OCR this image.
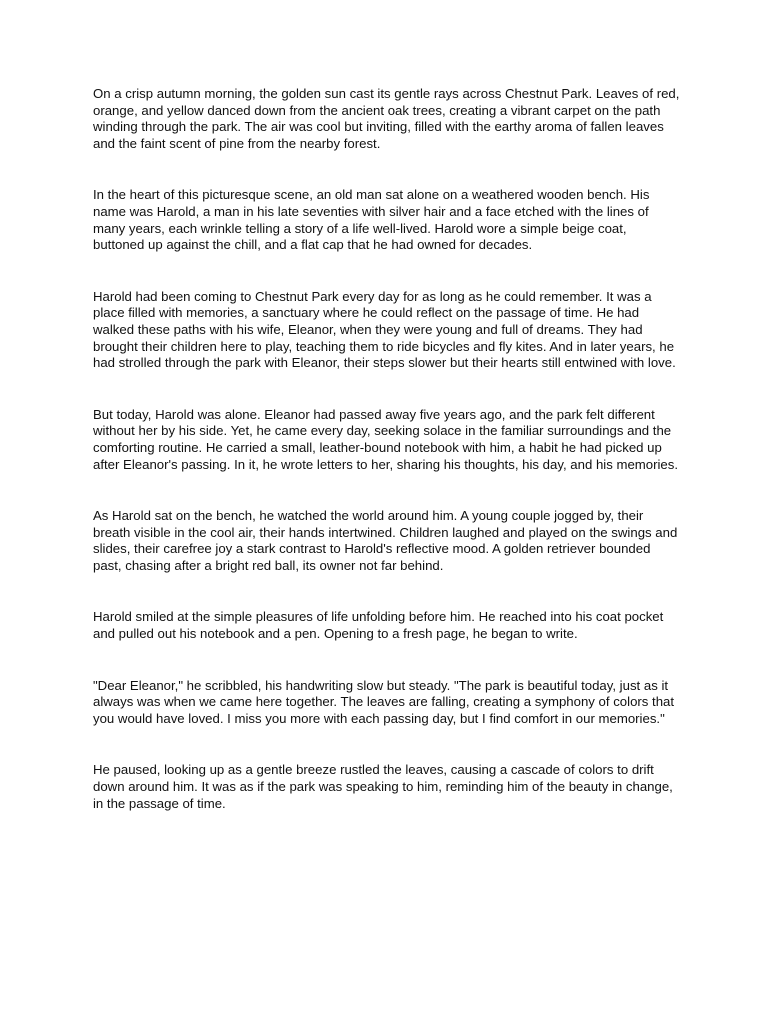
On a crisp autumn morning, the golden sun cast its gentle rays across Chestnut Park. Leaves of red, orange, and yellow danced down from the ancient oak trees, creating a vibrant carpet on the path winding through the park. The air was cool but inviting, filled with the earthy aroma of fallen leaves and the faint scent of pine from the nearby forest.

In the heart of this picturesque scene, an old man sat alone on a weathered wooden bench. His name was Harold, a man in his late seventies with silver hair and a face etched with the lines of many years, each wrinkle telling a story of a life well-lived. Harold wore a simple beige coat, buttoned up against the chill, and a flat cap that he had owned for decades.

Harold had been coming to Chestnut Park every day for as long as he could remember. It was a place filled with memories, a sanctuary where he could reflect on the passage of time. He had walked these paths with his wife, Eleanor, when they were young and full of dreams. They had brought their children here to play, teaching them to ride bicycles and fly kites. And in later years, he had strolled through the park with Eleanor, their steps slower but their hearts still entwined with love.

But today, Harold was alone. Eleanor had passed away five years ago, and the park felt different without her by his side. Yet, he came every day, seeking solace in the familiar surroundings and the comforting routine. He carried a small, leather-bound notebook with him, a habit he had picked up after Eleanor's passing. In it, he wrote letters to her, sharing his thoughts, his day, and his memories.

As Harold sat on the bench, he watched the world around him. A young couple jogged by, their breath visible in the cool air, their hands intertwined. Children laughed and played on the swings and slides, their carefree joy a stark contrast to Harold's reflective mood. A golden retriever bounded past, chasing after a bright red ball, its owner not far behind.

Harold smiled at the simple pleasures of life unfolding before him. He reached into his coat pocket and pulled out his notebook and a pen. Opening to a fresh page, he began to write.

"Dear Eleanor," he scribbled, his handwriting slow but steady. "The park is beautiful today, just as it always was when we came here together. The leaves are falling, creating a symphony of colors that you would have loved. I miss you more with each passing day, but I find comfort in our memories."

He paused, looking up as a gentle breeze rustled the leaves, causing a cascade of colors to drift down around him. It was as if the park was speaking to him, reminding him of the beauty in change, in the passage of time.
